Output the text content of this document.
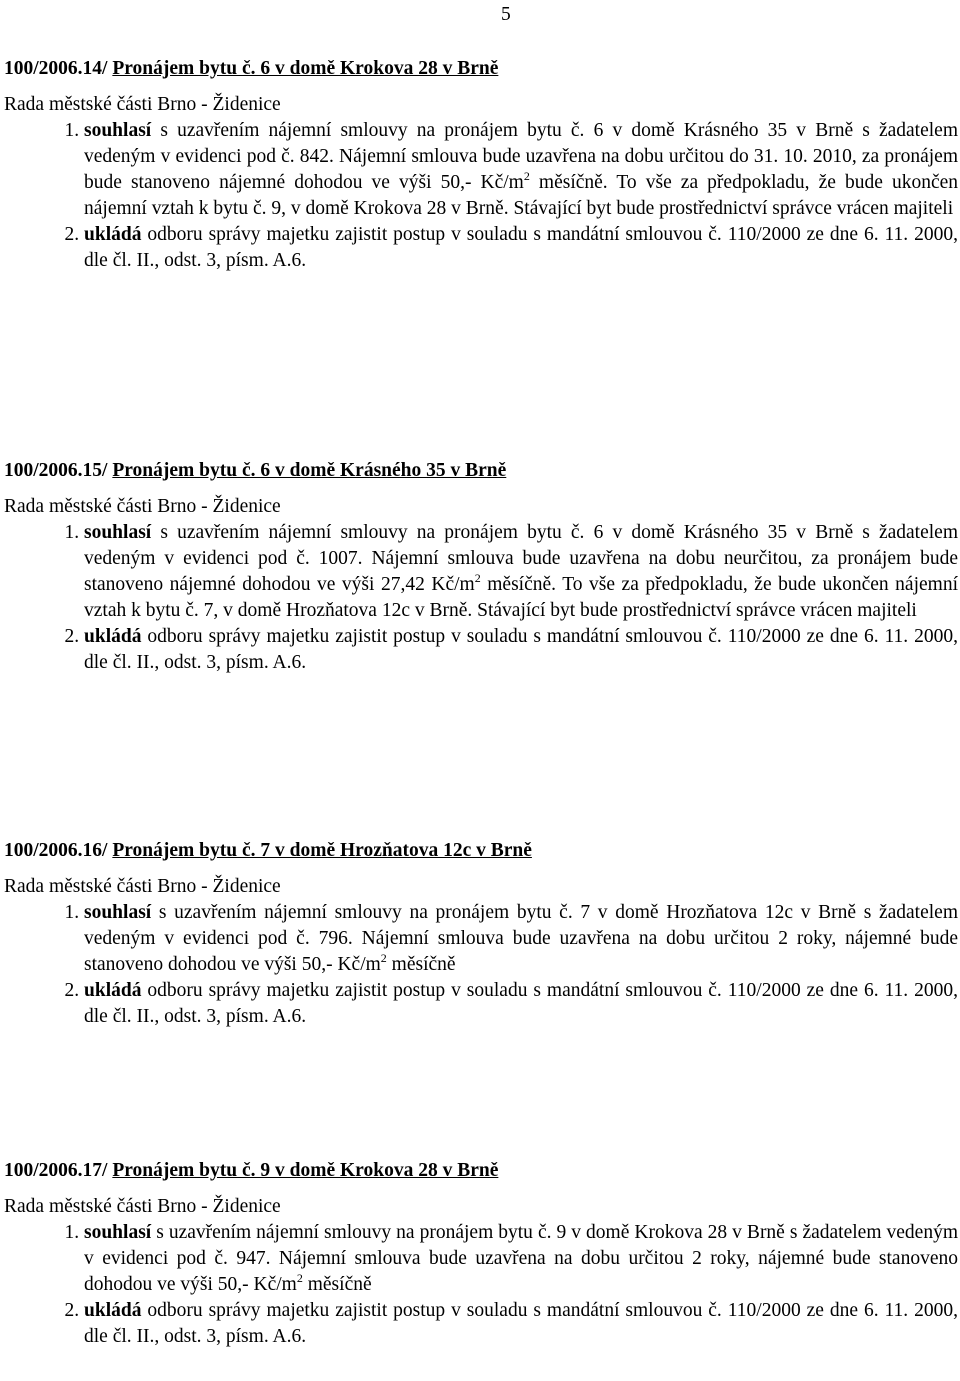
5

100/2006.14/ Pronájem bytu č. 6 v domě Krokova 28 v Brně

Rada městské části Brno - Židenice

1. souhlasí s uzavřením nájemní smlouvy na pronájem bytu č. 6 v domě Krásného 35 v Brně s žadatelem vedeným v evidenci pod č. 842. Nájemní smlouva bude uzavřena na dobu určitou do 31. 10. 2010, za pronájem bude stanoveno nájemné dohodou ve výši 50,- $Kč/m^2$ měsíčně. To vše za předpokladu, že bude ukončen nájemní vztah k bytu č. 9, v domě Krokova 28 v Brně. Stávající byt bude prostřednictví správce vrácen majiteli

2. ukládá odboru správy majetku zajistit postup v souladu s mandátní smlouvou č. 110/2000 ze dne 6. 11. 2000, dle čl. II., odst. 3, písm. A.6.

100/2006.15/ Pronájem bytu č. 6 v domě Krásného 35 v Brně

Rada městské části Brno - Židenice

1. souhlasí s uzavřením nájemní smlouvy na pronájem bytu č. 6 v domě Krásného 35 v Brně s žadatelem vedeným v evidenci pod č. 1007. Nájemní smlouva bude uzavřena na dobu neurčitou, za pronájem bude stanoveno nájemné dohodou ve výši 27,42 $Kč/m^2$ měsíčně. To vše za předpokladu, že bude ukončen nájemní vztah k bytu č. 7, v domě Hrozňatova 12c v Brně. Stávající byt bude prostřednictví správce vrácen majiteli

2. ukládá odboru správy majetku zajistit postup v souladu s mandátní smlouvou č. 110/2000 ze dne 6. 11. 2000, dle čl. II., odst. 3, písm. A.6.

100/2006.16/ Pronájem bytu č. 7 v domě Hrozňatova 12c v Brně

Rada městské části Brno - Židenice

1. souhlasí s uzavřením nájemní smlouvy na pronájem bytu č. 7 v domě Hrozňatova 12c v Brně s žadatelem vedeným v evidenci pod č. 796. Nájemní smlouva bude uzavřena na dobu určitou 2 roky, nájemné bude stanoveno dohodou ve výši 50,- $Kč/m^2$ měsíčně

2. ukládá odboru správy majetku zajistit postup v souladu s mandátní smlouvou č. 110/2000 ze dne 6. 11. 2000, dle čl. II., odst. 3, písm. A.6.

100/2006.17/ Pronájem bytu č. 9 v domě Krokova 28 v Brně

Rada městské části Brno - Židenice

1. souhlasí s uzavřením nájemní smlouvy na pronájem bytu č. 9 v domě Krokova 28 v Brně s žadatelem vedeným v evidenci pod č. 947. Nájemní smlouva bude uzavřena na dobu určitou 2 roky, nájemné bude stanoveno dohodou ve výši 50,- $Kč/m^2$ měsíčně

2. ukládá odboru správy majetku zajistit postup v souladu s mandátní smlouvou č. 110/2000 ze dne 6. 11. 2000, dle čl. II., odst. 3, písm. A.6.
